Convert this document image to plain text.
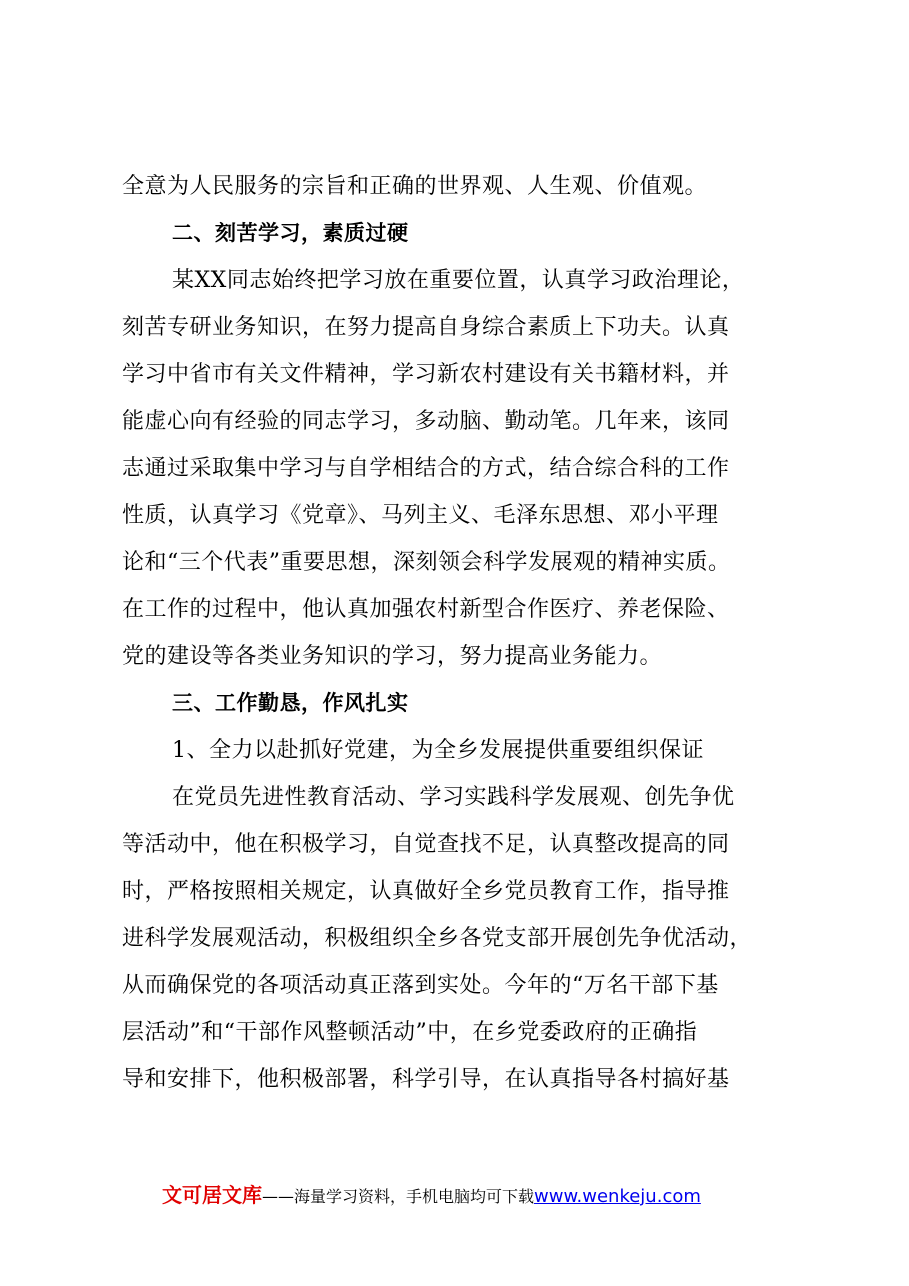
全意为人民服务的宗旨和正确的世界观、人生观、价值观。
二、刻苦学习，素质过硬
某XX同志始终把学习放在重要位置，认真学习政治理论，
刻苦专研业务知识，在努力提高自身综合素质上下功夫。认真
学习中省市有关文件精神，学习新农村建设有关书籍材料，并
能虚心向有经验的同志学习，多动脑、勤动笔。几年来，该同
志通过采取集中学习与自学相结合的方式，结合综合科的工作
性质，认真学习《党章》、马列主义、毛泽东思想、邓小平理
论和“三个代表”重要思想，深刻领会科学发展观的精神实质。
在工作的过程中，他认真加强农村新型合作医疗、养老保险、
党的建设等各类业务知识的学习，努力提高业务能力。
三、工作勤恳，作风扎实
1、全力以赴抓好党建，为全乡发展提供重要组织保证
在党员先进性教育活动、学习实践科学发展观、创先争优
等活动中，他在积极学习，自觉查找不足，认真整改提高的同
时，严格按照相关规定，认真做好全乡党员教育工作，指导推
进科学发展观活动，积极组织全乡各党支部开展创先争优活动，
从而确保党的各项活动真正落到实处。今年的“万名干部下基
层活动”和“干部作风整顿活动”中，在乡党委政府的正确指
导和安排下，他积极部署，科学引导，在认真指导各村搞好基
文可居文库——海量学习资料，手机电脑均可下载www.wenkeju.com
